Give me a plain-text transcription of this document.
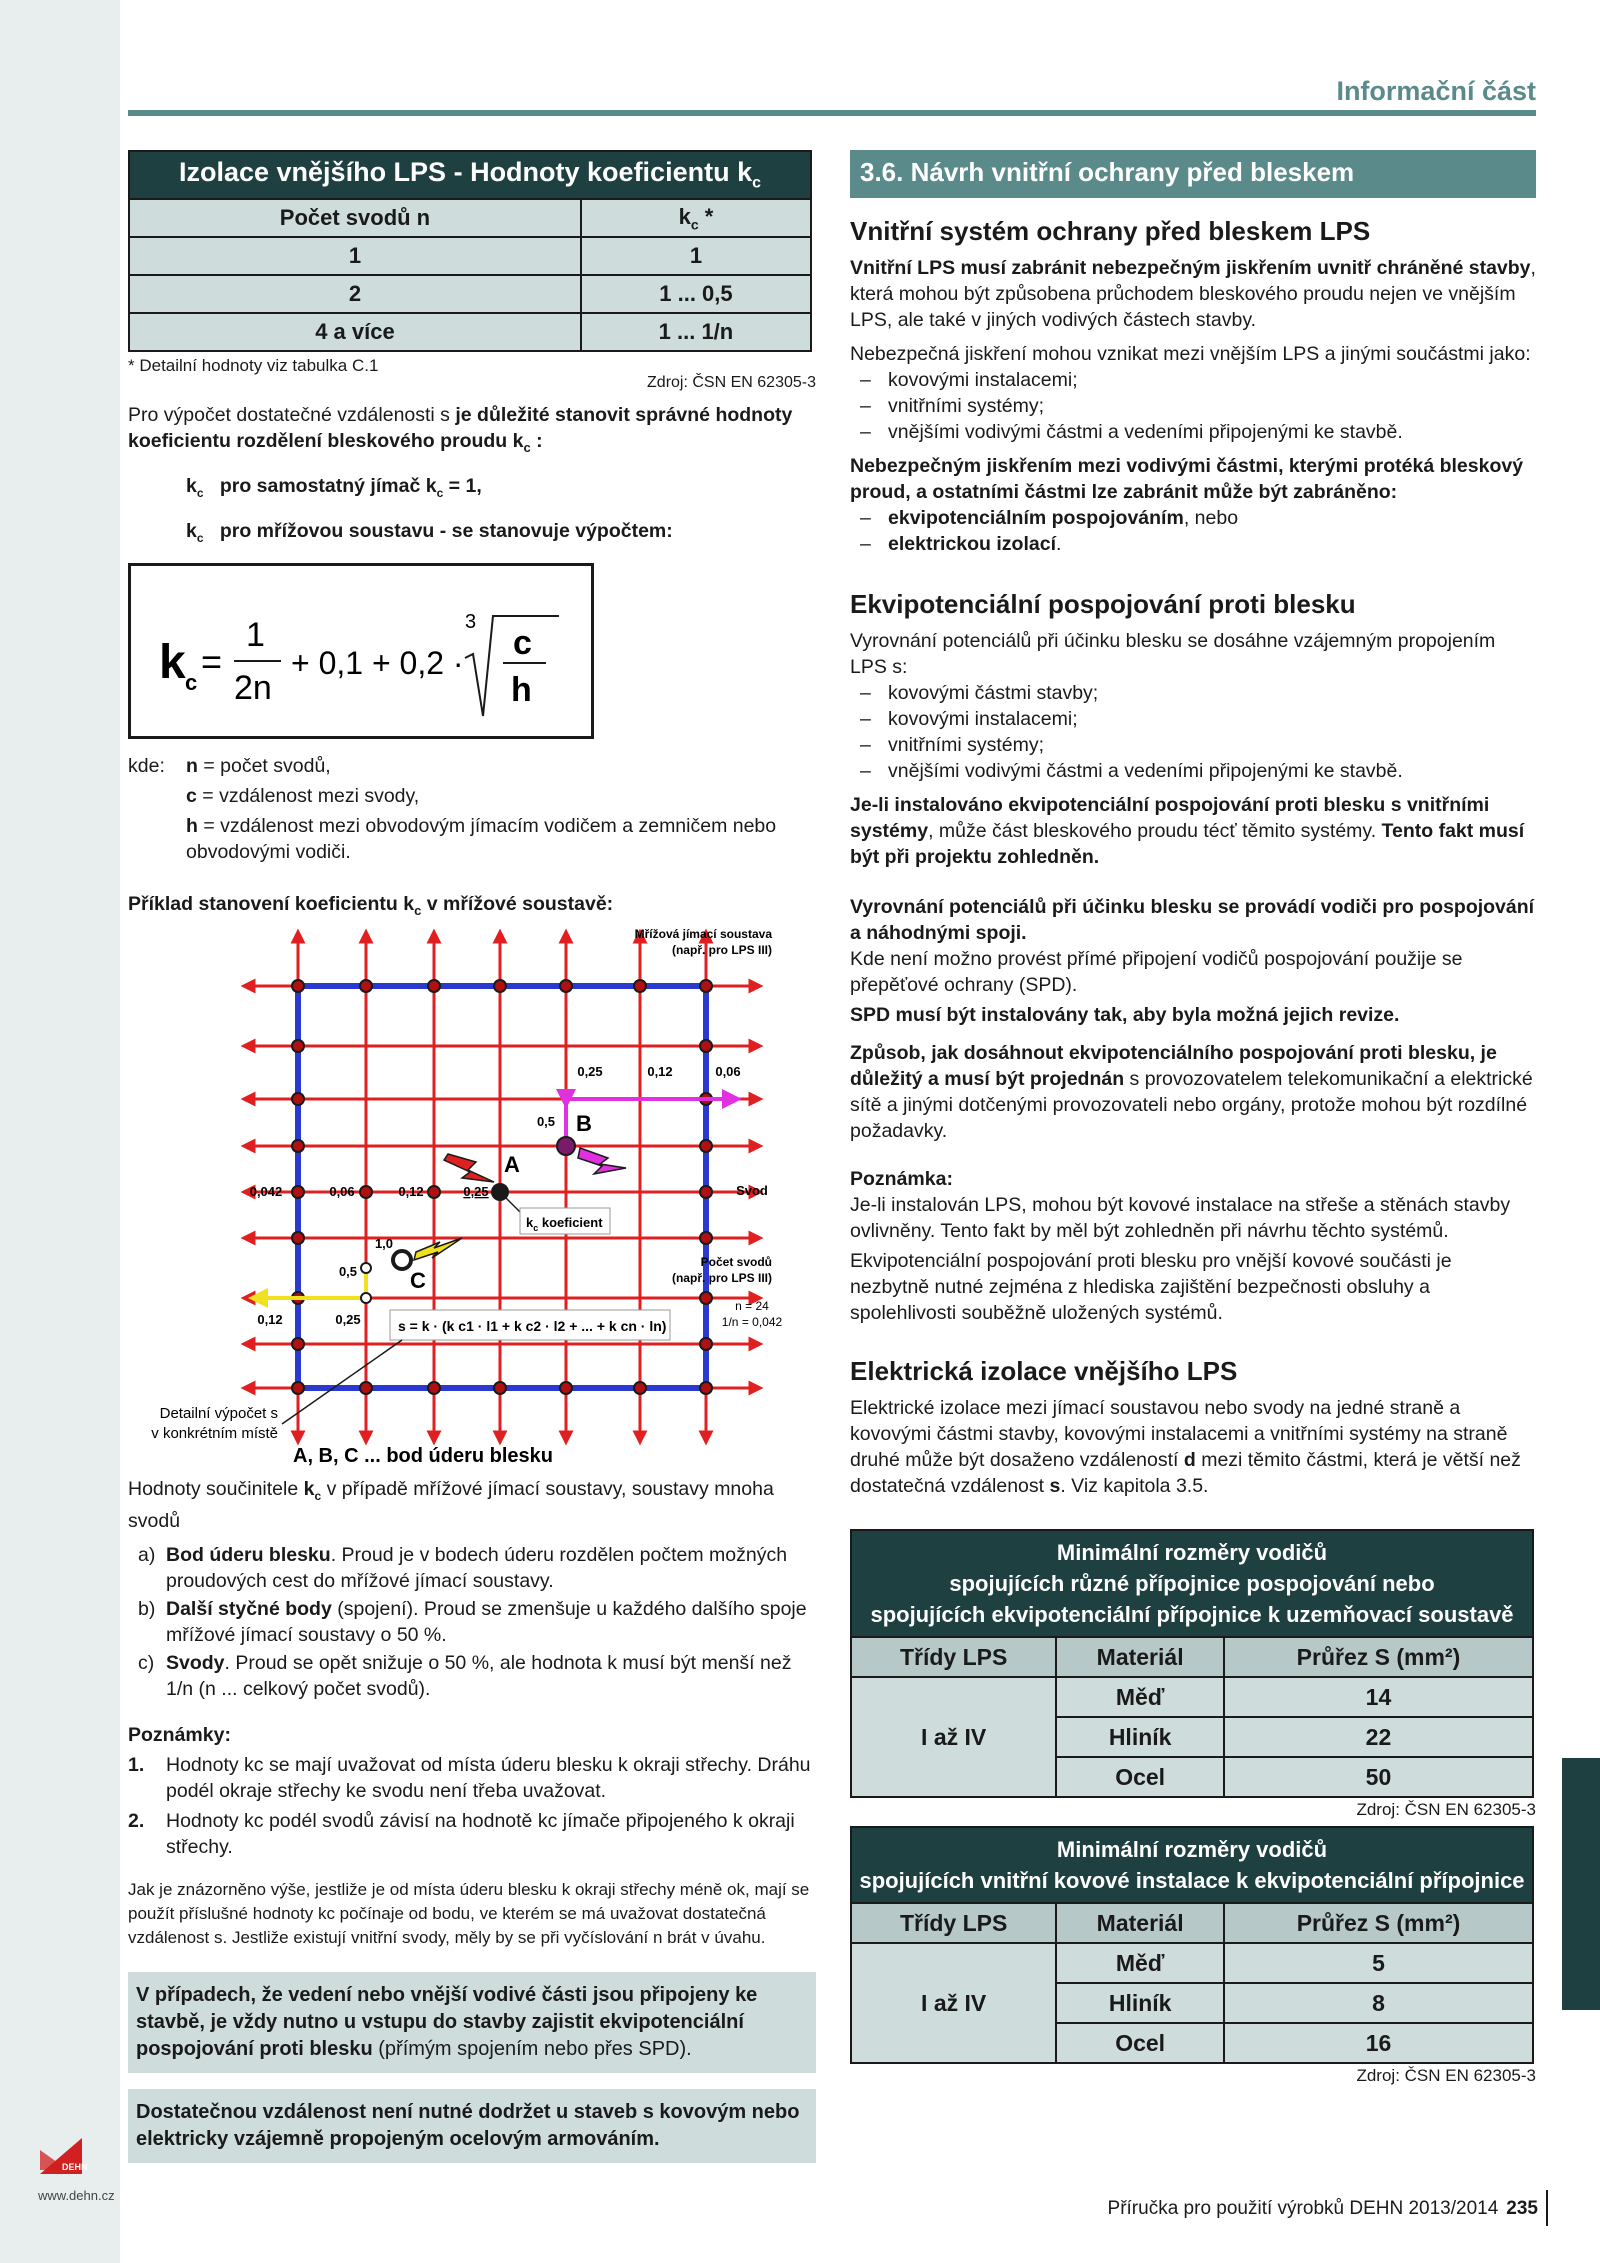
DEHN
www.dehn.cz
Informační část
Izolace vnějšího LPS - Hodnoty koeficientu $k_c$
Počet svodů n	$k_c$ *
1	1
2	1 ... 0,5
4 a více	1 ... 1/n

* Detailní hodnoty viz tabulka C.1

Zdroj: ČSN EN 62305-3

Pro výpočet dostatečné vzdálenosti s je důležité stanovit správné hodnoty koeficientu rozdělení bleskového proudu $k_c$ :

$k_c$ pro samostatný jímač $k_c = 1$,

$k_c$ pro mřížovou soustavu - se stanovuje výpočtem:

k c
=
1
2n
+ 0,1 + 0,2 ·
3
c
h
kde:	n = počet svodů,
c = vzdálenost mezi svody,
h = vzdálenost mezi obvodovým jímacím vodičem a zemničem nebo obvodovými vodiči.

Příklad stanovení koeficientu $k_c$ v mřížové soustavě:

A
B
C
Mřížová jímací soustava
(např. pro LPS III)
Svod
Počet svodů
(např. pro LPS III)
n = 24
1/n = 0,042
0,042	0,06	0,12	0,25
$k_c$ koeficient
0,25	0,12	0,06
0,5
1,0
0,5
0,12	0,25	s = k · (k c1 · l1 + k c2 · l2 + ... + k cn · ln)
Detailní výpočet s
v konkrétním místě
A, B, C ... bod úderu blesku

Hodnoty součinitele $k_c$ v případě mřížové jímací soustavy, soustavy mnoha svodů

a) Bod úderu blesku. Proud je v bodech úderu rozdělen počtem možných proudových cest do mřížové jímací soustavy.
b) Další styčné body (spojení). Proud se zmenšuje u každého dalšího spoje mřížové jímací soustavy o 50 %.
c) Svody. Proud se opět snižuje o 50 %, ale hodnota k musí být menší než 1/n (n ... celkový počet svodů).

Poznámky:

1.	Hodnoty kc se mají uvažovat od místa úderu blesku k okraji střechy. Dráhu podél okraje střechy ke svodu není třeba uvažovat.
2.	Hodnoty kc podél svodů závisí na hodnotě kc jímače připojeného k okraji střechy.

Jak je znázorněno výše, jestliže je od místa úderu blesku k okraji střechy méně ok, mají se použít příslušné hodnoty kc počínaje od bodu, ve kterém se má uvažovat dostatečná vzdálenost s. Jestliže existují vnitřní svody, měly by se při vyčíslování n brát v úvahu.

V případech, že vedení nebo vnější vodivé části jsou připojeny ke stavbě, je vždy nutno u vstupu do stavby zajistit ekvipotenciální pospojování proti blesku (přímým spojením nebo přes SPD).
Dostatečnou vzdálenost není nutné dodržet u staveb s kovovým nebo elektricky vzájemně propojeným ocelovým armováním.
3.6. Návrh vnitřní ochrany před bleskem
Vnitřní systém ochrany před bleskem LPS

Vnitřní LPS musí zabránit nebezpečným jiskřením uvnitř chráněné stavby, která mohou být způsobena průchodem bleskového proudu nejen ve vnějším LPS, ale také v jiných vodivých částech stavby.

Nebezpečná jiskření mohou vznikat mezi vnějším LPS a jinými součástmi jako:

– kovovými instalacemi;
– vnitřními systémy;
– vnějšími vodivými částmi a vedeními připojenými ke stavbě.

Nebezpečným jiskřením mezi vodivými částmi, kterými protéká bleskový proud, a ostatními částmi lze zabránit může být zabráněno:

– ekvipotenciálním pospojováním, nebo
– elektrickou izolací.
Ekvipotenciální pospojování proti blesku

Vyrovnání potenciálů při účinku blesku se dosáhne vzájemným propojením LPS s:

– kovovými částmi stavby;
– kovovými instalacemi;
– vnitřními systémy;
– vnějšími vodivými částmi a vedeními připojenými ke stavbě.

Je-li instalováno ekvipotenciální pospojování proti blesku s vnitřními systémy, může část bleskového proudu técť těmito systémy. Tento fakt musí být při projektu zohledněn.

Vyrovnání potenciálů při účinku blesku se provádí vodiči pro pospojování a náhodnými spoji.

Kde není možno provést přímé připojení vodičů pospojování použije se přepěťové ochrany (SPD).

SPD musí být instalovány tak, aby byla možná jejich revize.

Způsob, jak dosáhnout ekvipotenciálního pospojování proti blesku, je důležitý a musí být projednán s provozovatelem telekomunikační a elektrické sítě a jinými dotčenými provozovateli nebo orgány, protože mohou být rozdílné požadavky.

Poznámka:

Je-li instalován LPS, mohou být kovové instalace na střeše a stěnách stavby ovlivněny. Tento fakt by měl být zohledněn při návrhu těchto systémů.

Ekvipotenciální pospojování proti blesku pro vnější kovové součásti je nezbytně nutné zejména z hlediska zajištění bezpečnosti obsluhy a spolehlivosti souběžně uložených systémů.

Elektrická izolace vnějšího LPS

Elektrické izolace mezi jímací soustavou nebo svody na jedné straně a kovovými částmi stavby, kovovými instalacemi a vnitřními systémy na straně druhé může být dosaženo vzdáleností d mezi těmito částmi, která je větší než dostatečná vzdálenost s. Viz kapitola 3.5.

Minimální rozměry vodičů
spojujících různé přípojnice pospojování nebo
spojujících ekvipotenciální přípojnice k uzemňovací soustavě		
Třídy LPS	Materiál	Průřez S (mm²)
I až IV	Měď	14
	Hliník	22
	Ocel	50

Zdroj: ČSN EN 62305-3

Minimální rozměry vodičů
spojujících vnitřní kovové instalace k ekvipotenciální přípojnice		
Třídy LPS	Materiál	Průřez S (mm²)
I až IV	Měď	5
	Hliník	8
	Ocel	16

Zdroj: ČSN EN 62305-3

Příručka pro použití výrobků DEHN 2013/2014 235
